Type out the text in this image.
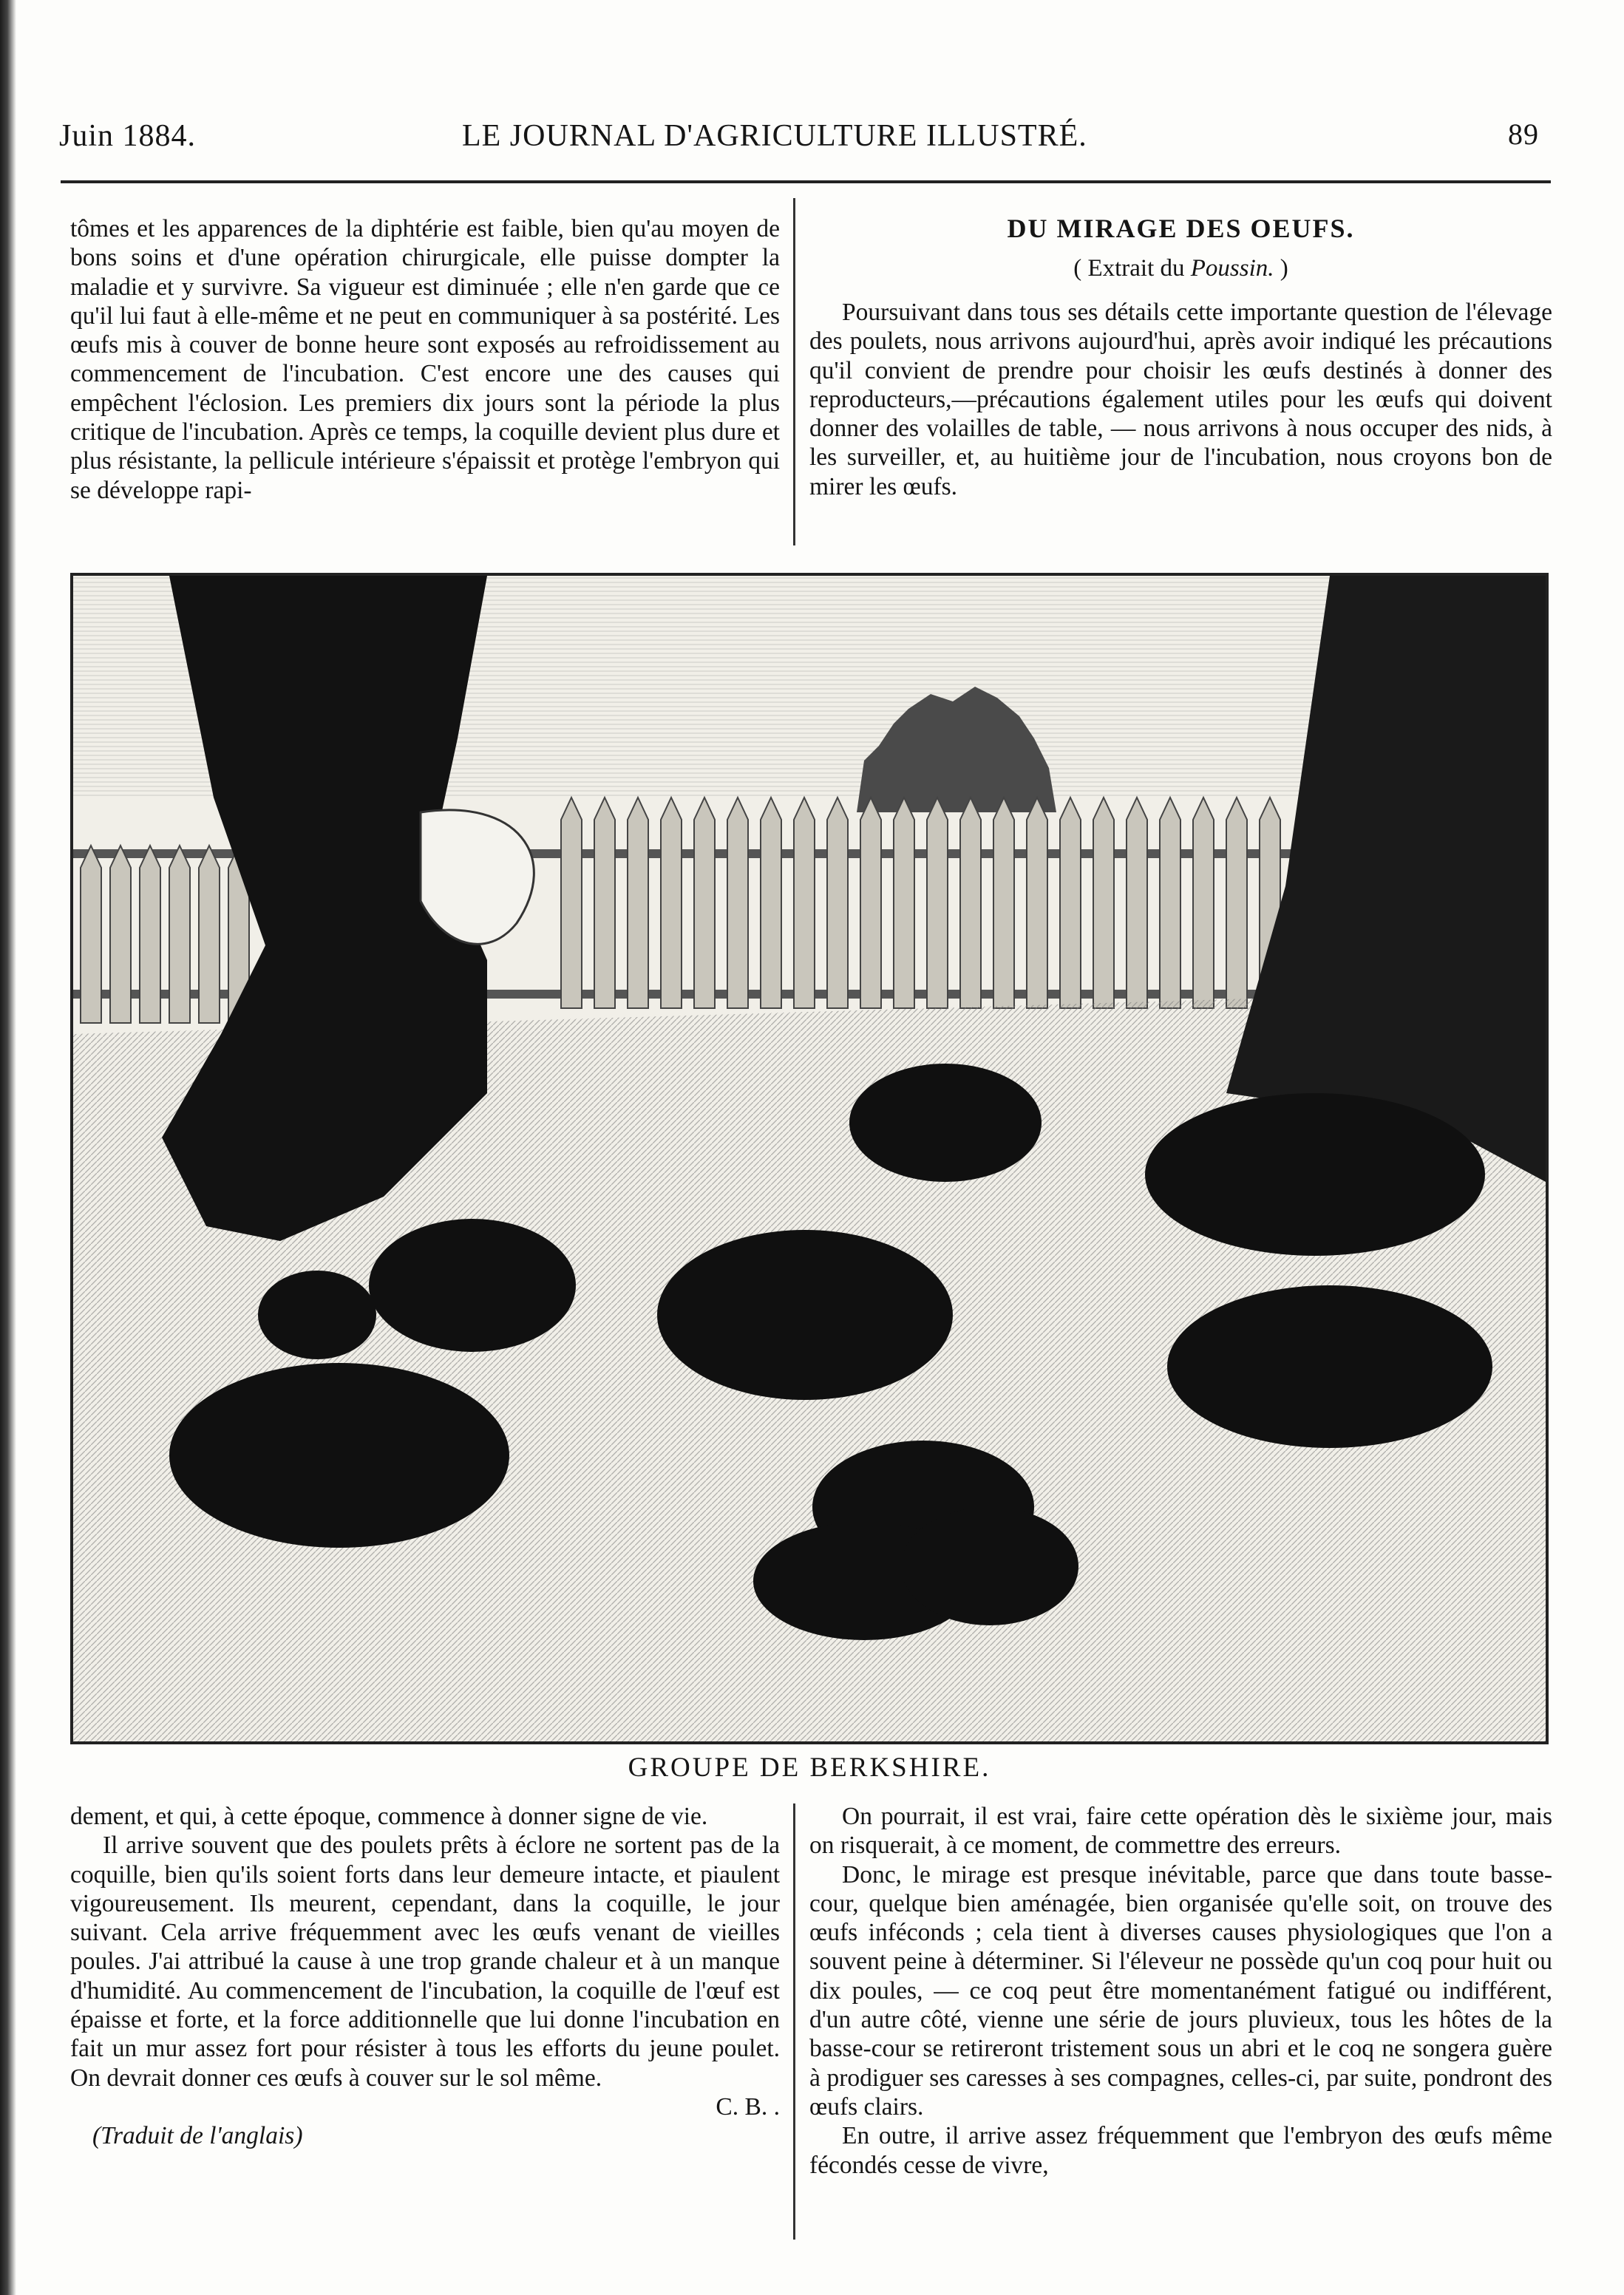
Juin 1884.	LE JOURNAL D'AGRICULTURE ILLUSTRÉ.	89

tômes et les apparences de la diphtérie est faible, bien qu'au moyen de bons soins et d'une opération chirurgicale, elle puisse dompter la maladie et y survivre. Sa vigueur est diminuée ; elle n'en garde que ce qu'il lui faut à elle-même et ne peut en communiquer à sa postérité. Les œufs mis à couver de bonne heure sont exposés au refroidissement au commencement de l'incubation. C'est encore une des causes qui empêchent l'éclosion. Les premiers dix jours sont la période la plus critique de l'incubation. Après ce temps, la coquille devient plus dure et plus résistante, la pellicule intérieure s'épaissit et protège l'embryon qui se développe rapi-

DU MIRAGE DES OEUFS.
( Extrait du Poussin. )

Poursuivant dans tous ses détails cette importante question de l'élevage des poulets, nous arrivons aujourd'hui, après avoir indiqué les précautions qu'il convient de prendre pour choisir les œufs destinés à donner des reproducteurs,—précautions également utiles pour les œufs qui doivent donner des volailles de table, — nous arrivons à nous occuper des nids, à les surveiller, et, au huitième jour de l'incubation, nous croyons bon de mirer les œufs.

GROUPE DE BERKSHIRE.

dement, et qui, à cette époque, commence à donner signe de vie.

Il arrive souvent que des poulets prêts à éclore ne sortent pas de la coquille, bien qu'ils soient forts dans leur demeure intacte, et piaulent vigoureusement. Ils meurent, cependant, dans la coquille, le jour suivant. Cela arrive fréquemment avec les œufs venant de vieilles poules. J'ai attribué la cause à une trop grande chaleur et à un manque d'humidité. Au commencement de l'incubation, la coquille de l'œuf est épaisse et forte, et la force additionnelle que lui donne l'incubation en fait un mur assez fort pour résister à tous les efforts du jeune poulet. On devrait donner ces œufs à couver sur le sol même.

C. B. .
(Traduit de l'anglais)

On pourrait, il est vrai, faire cette opération dès le sixième jour, mais on risquerait, à ce moment, de commettre des erreurs.

Donc, le mirage est presque inévitable, parce que dans toute basse-cour, quelque bien aménagée, bien organisée qu'elle soit, on trouve des œufs inféconds ; cela tient à diverses causes physiologiques que l'on a souvent peine à déterminer. Si l'éleveur ne possède qu'un coq pour huit ou dix poules, — ce coq peut être momentanément fatigué ou indifférent, d'un autre côté, vienne une série de jours pluvieux, tous les hôtes de la basse-cour se retireront tristement sous un abri et le coq ne songera guère à prodiguer ses caresses à ses compagnes, celles-ci, par suite, pondront des œufs clairs.

En outre, il arrive assez fréquemment que l'embryon des œufs même fécondés cesse de vivre,
